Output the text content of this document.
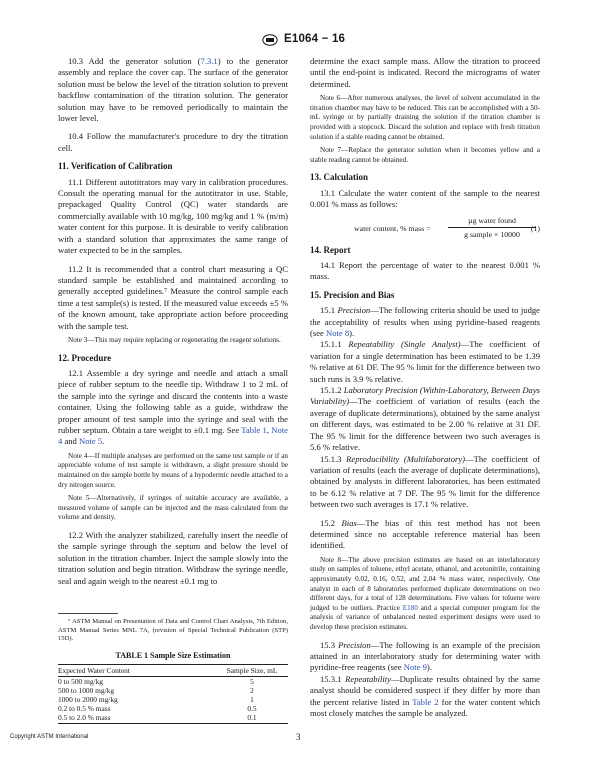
E1064 − 16

10.3 Add the generator solution (7.3.1) to the generator assembly and replace the cover cap. The surface of the generator solution must be below the level of the titration solution to prevent backflow contamination of the titration solution. The generator solution may have to be removed periodically to maintain the lower level.

10.4 Follow the manufacturer's procedure to dry the titration cell.

11. Verification of Calibration

11.1 Different autotitrators may vary in calibration procedures. Consult the operating manual for the autotitrator in use. Stable, prepackaged Quality Control (QC) water standards are commercially available with 10 mg/kg, 100 mg/kg and 1 % (m/m) water content for this purpose. It is desirable to verify calibration with a standard solution that approximates the same range of water expected to be in the samples.

11.2 It is recommended that a control chart measuring a QC standard sample be established and maintained according to generally accepted guidelines.⁷ Measure the control sample each time a test sample(s) is tested. If the measured value exceeds ±5 % of the known amount, take appropriate action before proceeding with the sample test.

Note 3—This may require replacing or regenerating the reagent solutions.

12. Procedure

12.1 Assemble a dry syringe and needle and attach a small piece of rubber septum to the needle tip. Withdraw 1 to 2 mL of the sample into the syringe and discard the contents into a waste container. Using the following table as a guide, withdraw the proper amount of test sample into the syringe and seal with the rubber septum. Obtain a tare weight to ±0.1 mg. See Table 1, Note 4 and Note 5.

Note 4—If multiple analyses are performed on the same test sample or if an appreciable volume of test sample is withdrawn, a slight pressure should be maintained on the sample bottle by means of a hypodermic needle attached to a dry nitrogen source.

Note 5—Alternatively, if syringes of suitable accuracy are available, a measured volume of sample can be injected and the mass calculated from the volume and density.

12.2 With the analyzer stabilized, carefully insert the needle of the sample syringe through the septum and below the level of solution in the titration chamber. Inject the sample slowly into the titration solution and begin titration. Withdraw the syringe needle, seal and again weigh to the nearest ±0.1 mg to

⁷ ASTM Manual on Presentation of Data and Control Chart Analysis, 7th Edition, ASTM Manual Series MNL 7A, (revision of Special Technical Publication (STP) 15D).

TABLE 1 Sample Size Estimation
Expected Water Content	Sample Size, mL
0 to 500 mg/kg	5
500 to 1000 mg/kg	2
1000 to 2000 mg/kg	1
0.2 to 0.5 % mass	0.5
0.5 to 2.0 % mass	0.1

determine the exact sample mass. Allow the titration to proceed until the end-point is indicated. Record the micrograms of water determined.

Note 6—After numerous analyses, the level of solvent accumulated in the titration chamber may have to be reduced. This can be accomplished with a 50-mL syringe or by partially draining the solution if the titration chamber is provided with a stopcock. Discard the solution and replace with fresh titration solution if a stable reading cannot be obtained.

Note 7—Replace the generator solution when it becomes yellow and a stable reading cannot be obtained.

13. Calculation

13.1 Calculate the water content of the sample to the nearest 0.001 % mass as follows:

water content, % mass =
µg water found
g sample × 10000
(1)
14. Report

14.1 Report the percentage of water to the nearest 0.001 % mass.

15. Precision and Bias

15.1 Precision—The following criteria should be used to judge the acceptability of results when using pyridine-based reagents (see Note 8).

15.1.1 Repeatability (Single Analyst)—The coefficient of variation for a single determination has been estimated to be 1.39 % relative at 61 DF. The 95 % limit for the difference between two such runs is 3.9 % relative.

15.1.2 Laboratory Precision (Within-Laboratory, Between Days Variability)—The coefficient of variation of results (each the average of duplicate determinations), obtained by the same analyst on different days, was estimated to be 2.00 % relative at 31 DF. The 95 % limit for the difference between two such averages is 5.6 % relative.

15.1.3 Reproducibility (Multilaboratory)—The coefficient of variation of results (each the average of duplicate determinations), obtained by analysts in different laboratories, has been estimated to be 6.12 % relative at 7 DF. The 95 % limit for the difference between two such averages is 17.1 % relative.

15.2 Bias—The bias of this test method has not been determined since no acceptable reference material has been identified.

Note 8—The above precision estimates are based on an interlaboratory study on samples of toluene, ethyl acetate, ethanol, and acetonitrile, containing approximately 0.02, 0.16, 0.52, and 2.04 % mass water, respectively. One analyst in each of 8 laboratories performed duplicate determinations on two different days, for a total of 128 determinations. Five values for toluene were judged to be outliers. Practice E180 and a special computer program for the analysis of variance of unbalanced nested experiment designs were used to develop these precision estimates.

15.3 Precision—The following is an example of the precision attained in an interlaboratory study for determining water with pyridine-free reagents (see Note 9).

15.3.1 Repeatability—Duplicate results obtained by the same analyst should be considered suspect if they differ by more than the percent relative listed in Table 2 for the water content which most closely matches the sample be analyzed.

Copyright ASTM International	3
